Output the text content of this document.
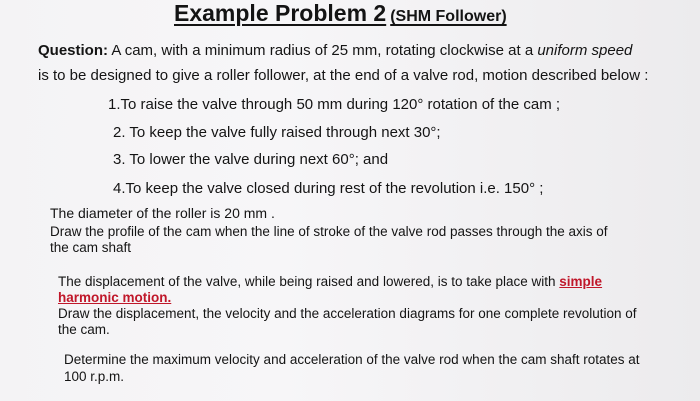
Example Problem 2 (SHM Follower)
Question: A cam, with a minimum radius of 25 mm, rotating clockwise at a uniform speed
is to be designed to give a roller follower, at the end of a valve rod, motion described below :
1.To raise the valve through 50 mm during 120° rotation of the cam ;
2. To keep the valve fully raised through next 30°;
3. To lower the valve during next 60°; and
4.To keep the valve closed during rest of the revolution i.e. 150° ;
The diameter of the roller is 20 mm .
Draw the profile of the cam when the line of stroke of the valve rod passes through the axis of
the cam shaft
The displacement of the valve, while being raised and lowered, is to take place with simple
harmonic motion.
Draw the displacement, the velocity and the acceleration diagrams for one complete revolution of
the cam.
Determine the maximum velocity and acceleration of the valve rod when the cam shaft rotates at
100 r.p.m.
